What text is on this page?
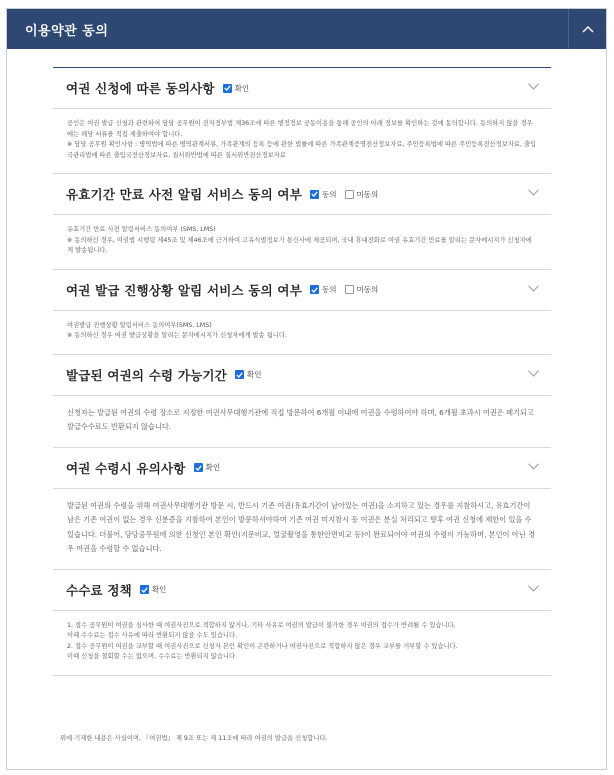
이용약관 동의
여권 신청에 따른 동의사항	확인

공인은 여권 발급 신청과 관련하여 담당 공무원이 전자정부법 제36조에 따른 행정정보 공동이용을 통해 공인의 아래 정보를 확인하는 것에 동의합니다. 동의하지 않을 경우에는 해당 서류를 직접 제출하여야 합니다.
※ 담당 공무원 확인사항 : 병역법에 따른 병역관계서류, 가족관계의 등록 등에 관한 법률에 따른 가족관계증명전산정보자료, 주민등록법에 따른 주민등록전산정보자료, 출입국관리법에 따른 출입국전산정보자료, 질서위반법에 따른 질서위반전산정보자료

유효기간 만료 사전 알림 서비스 동의 여부	동의	미동의

유효기간 만료 사전 알림서비스 동의여부 (SMS, LMS)
※ 동의하신 경우, 여권법 시행령 제45조 및 제46조에 근거하여 고유식별정보가 통신사에 제공되며, 국내 휴대전화로 여권 유효기간 만료를 알리는 문자메시지가 신청자에게 발송됩니다.

여권 발급 진행상황 알림 서비스 동의 여부	동의	미동의

여권발급 진행상황 알림서비스 동의여부(SMS, LMS)
※ 동의하신 경우 여권 발급상황을 알리는 문자메시지가 신청자에게 발송 됩니다.

발급된 여권의 수령 가능기간	확인

신청자는 발급된 여권의 수령 장소로 지정한 여권사무대행기관에 직접 방문하여 6개월 이내에 여권을 수령하여야 하며, 6개월 초과시 여권은 폐기되고 발급수수료도 반환되지 않습니다.

여권 수령시 유의사항	확인

발급된 여권의 수령을 위해 여권사무대행기관 방문 시, 반드시 기존 여권(유효기간이 남아있는 여권)을 소지하고 있는 경우를 지참하시고, 유효기간이 남은 기존 여권이 없는 경우 신분증을 지참하여 본인이 방문하셔야하며 기존 여권 미지참시 동 여권은 분실 처리되고 향후 여권 신청에 제한이 있을 수 있습니다. 더불어, 담당공무원에 의한 신청인 본인 확인(지문비교, 얼굴촬영을 통한안면비교 등)이 완료되어야 여권의 수령이 가능하며, 본인이 아닌 경우 여권을 수령할 수 없습니다.

수수료 정책	확인

1. 접수 공무원이 여권을 심사한 때 여권사진으로 적합하지 않거나, 기타 사유로 여권의 발급이 불가한 경우 여권의 접수가 반려될 수 있습니다.
이때 수수료는 접수 사유에 따라 반환되지 않을 수도 있습니다.
2. 접수 공무원이 여권을 교부할 때 여권사진으로 신청자 본인 확인이 곤란하거나 여권사진으로 적합하지 않은 경우 교부를 거부할 수 있습니다.
이때 신청을 철회할 수는 없으며, 수수료는 반환되지 않습니다.

위에 기재한 내용은 사실이며, 『여권법』 제 9조 또는 제 11조에 따라 여권의 발급을 신청합니다.
